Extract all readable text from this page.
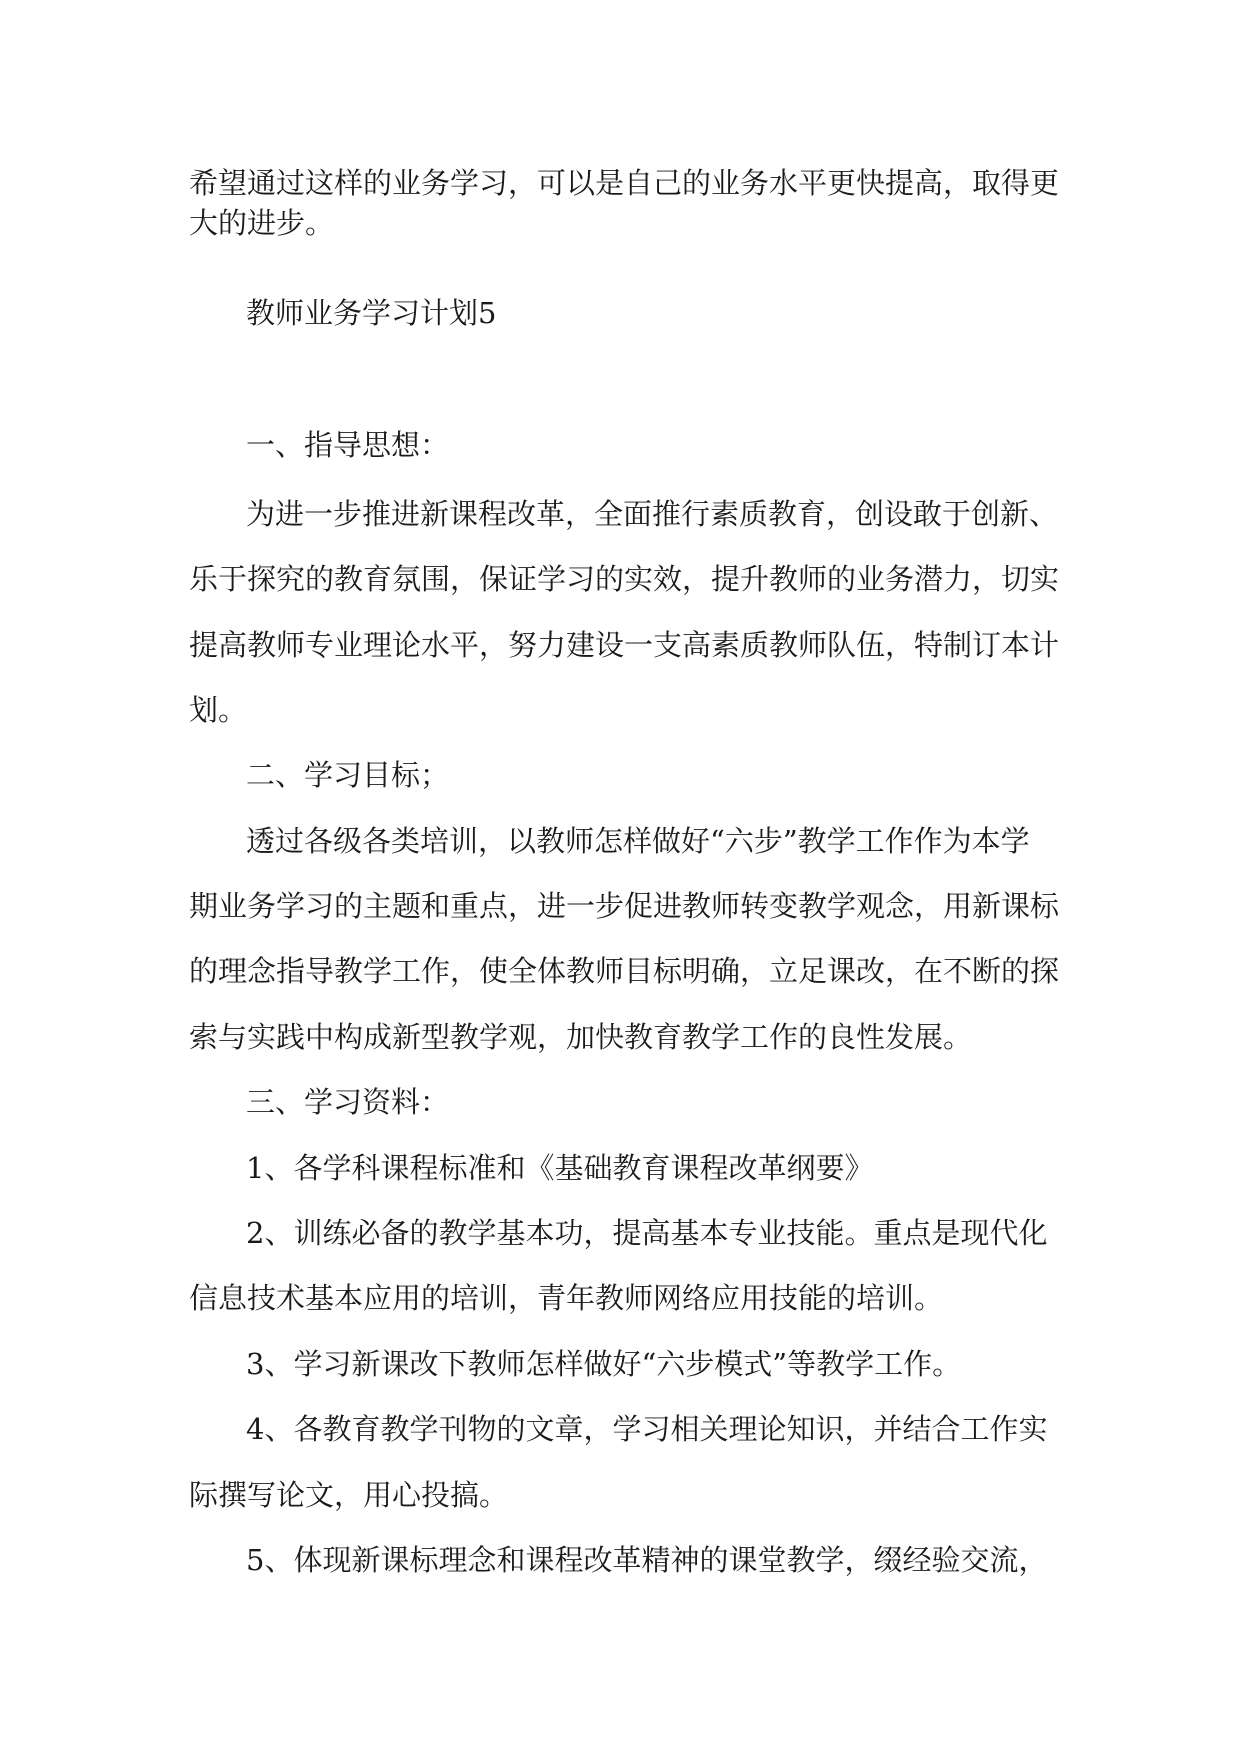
希望通过这样的业务学习，可以是自己的业务水平更快提高，取得更
大的进步。
教师业务学习计划5
一、指导思想：
为进一步推进新课程改革，全面推行素质教育，创设敢于创新、
乐于探究的教育氛围，保证学习的实效，提升教师的业务潜力，切实
提高教师专业理论水平，努力建设一支高素质教师队伍，特制订本计
划。
二、学习目标；
透过各级各类培训，以教师怎样做好“六步”教学工作作为本学
期业务学习的主题和重点，进一步促进教师转变教学观念，用新课标
的理念指导教学工作，使全体教师目标明确，立足课改，在不断的探
索与实践中构成新型教学观，加快教育教学工作的良性发展。
三、学习资料：
1、各学科课程标准和《基础教育课程改革纲要》
2、训练必备的教学基本功，提高基本专业技能。重点是现代化
信息技术基本应用的培训，青年教师网络应用技能的培训。
3、学习新课改下教师怎样做好“六步模式”等教学工作。
4、各教育教学刊物的文章，学习相关理论知识，并结合工作实
际撰写论文，用心投搞。
5、体现新课标理念和课程改革精神的课堂教学，缀经验交流，
